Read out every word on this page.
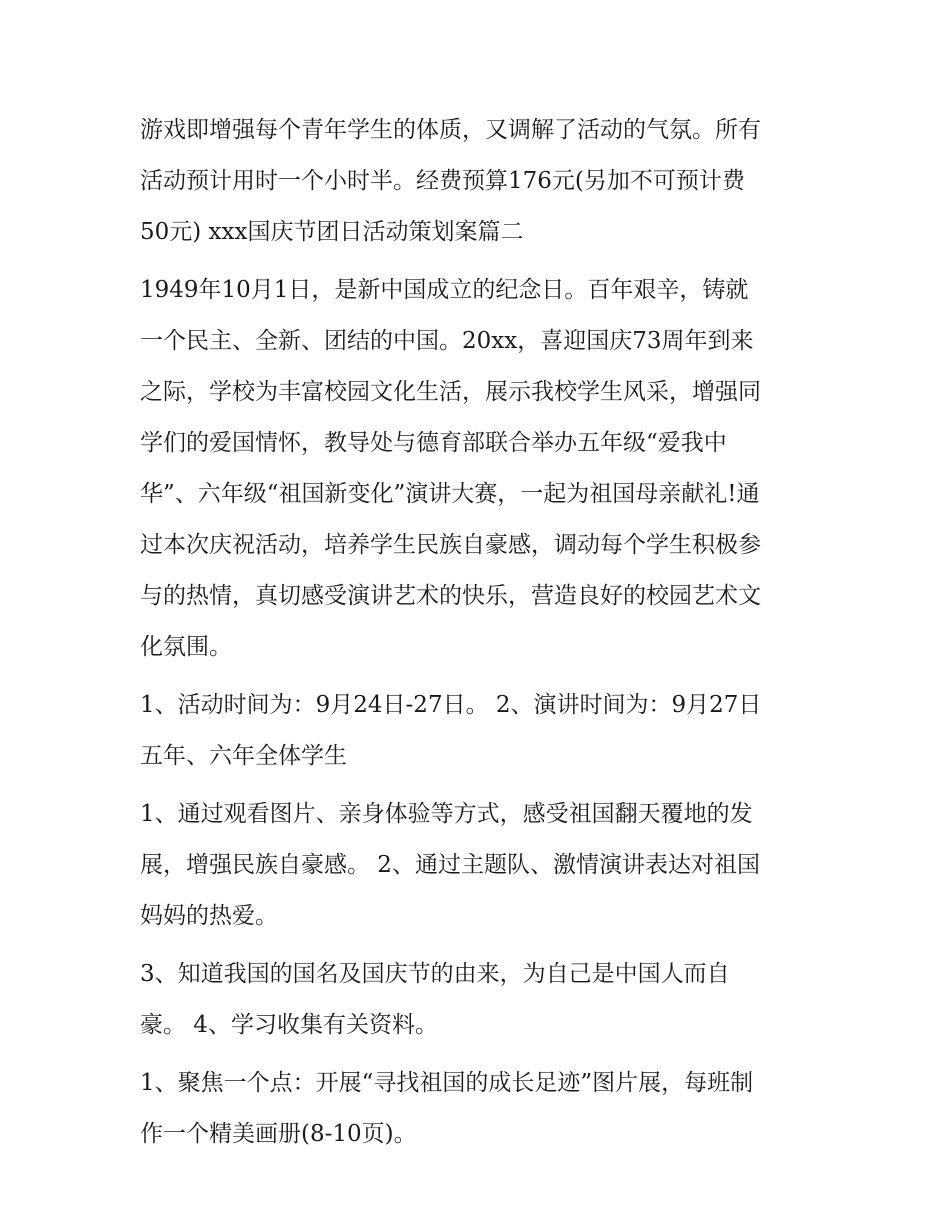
游戏即增强每个青年学生的体质，又调解了活动的气氛。所有
活动预计用时一个小时半。经费预算176元(另加不可预计费
50元) xxx国庆节团日活动策划案篇二

1949年10月1日，是新中国成立的纪念日。百年艰辛，铸就
一个民主、全新、团结的中国。20xx，喜迎国庆73周年到来
之际，学校为丰富校园文化生活，展示我校学生风采，增强同
学们的爱国情怀，教导处与德育部联合举办五年级“爱我中
华”、六年级“祖国新变化”演讲大赛，一起为祖国母亲献礼!通
过本次庆祝活动，培养学生民族自豪感，调动每个学生积极参
与的热情，真切感受演讲艺术的快乐，营造良好的校园艺术文
化氛围。

1、活动时间为：9月24日-27日。 2、演讲时间为：9月27日
五年、六年全体学生

1、通过观看图片、亲身体验等方式，感受祖国翻天覆地的发
展，增强民族自豪感。 2、通过主题队、激情演讲表达对祖国
妈妈的热爱。

3、知道我国的国名及国庆节的由来，为自己是中国人而自
豪。 4、学习收集有关资料。

1、聚焦一个点：开展“寻找祖国的成长足迹”图片展，每班制
作一个精美画册(8-10页)。
